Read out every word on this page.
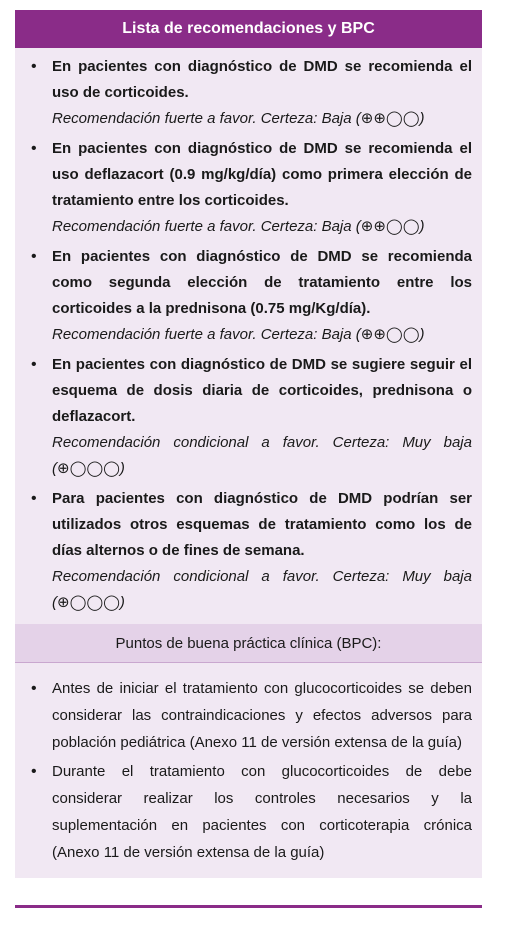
Lista de recomendaciones y BPC
• En pacientes con diagnóstico de DMD se recomienda el uso de corticoides.
Recomendación fuerte a favor. Certeza: Baja (⊕⊕◯◯)
• En pacientes con diagnóstico de DMD se recomienda el uso deflazacort (0.9 mg/kg/día) como primera elección de tratamiento entre los corticoides.
Recomendación fuerte a favor. Certeza: Baja (⊕⊕◯◯)
• En pacientes con diagnóstico de DMD se recomienda como segunda elección de tratamiento entre los corticoides a la prednisona (0.75 mg/Kg/día).
Recomendación fuerte a favor. Certeza: Baja (⊕⊕◯◯)
• En pacientes con diagnóstico de DMD se sugiere seguir el esquema de dosis diaria de corticoides, prednisona o deflazacort.
Recomendación condicional a favor. Certeza: Muy baja (⊕◯◯◯)
• Para pacientes con diagnóstico de DMD podrían ser utilizados otros esquemas de tratamiento como los de días alternos o de fines de semana.
Recomendación condicional a favor. Certeza: Muy baja (⊕◯◯◯)
Puntos de buena práctica clínica (BPC):
• Antes de iniciar el tratamiento con glucocorticoides se deben considerar las contraindicaciones y efectos adversos para población pediátrica (Anexo 11 de versión extensa de la guía)
• Durante el tratamiento con glucocorticoides de debe considerar realizar los controles necesarios y la suplementación en pacientes con corticoterapia crónica (Anexo 11 de versión extensa de la guía)
